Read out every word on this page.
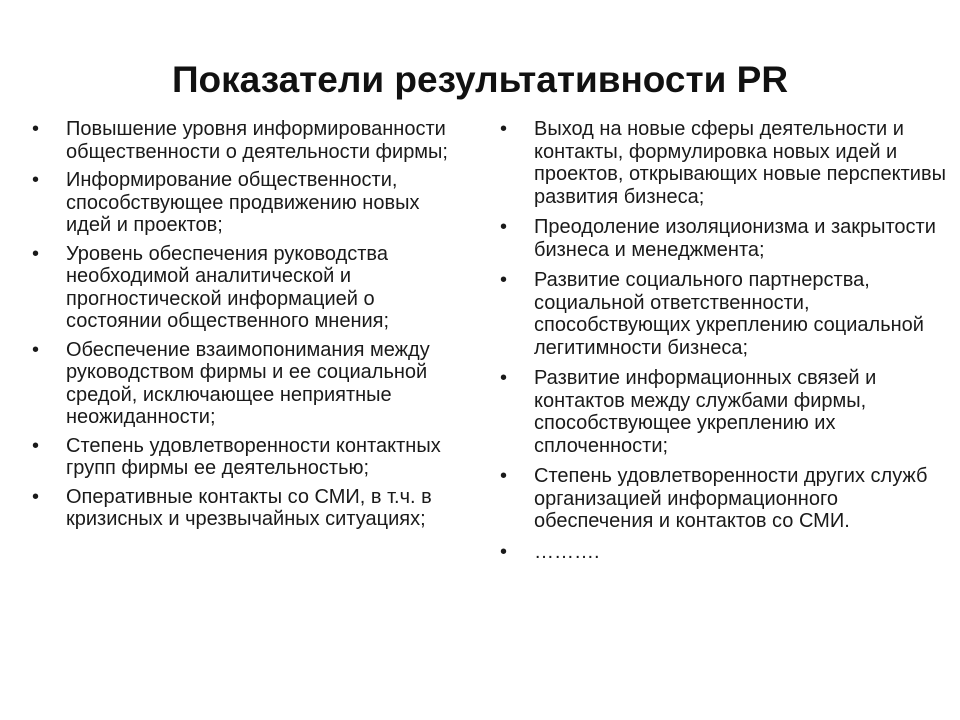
Показатели результативности PR
• Повышение уровня информированности общественности о деятельности фирмы;
• Информирование общественности, способствующее продвижению новых идей и проектов;
• Уровень обеспечения руководства необходимой аналитической и прогностической информацией о состоянии общественного мнения;
• Обеспечение взаимопонимания между руководством фирмы и ее социальной средой, исключающее неприятные неожиданности;
• Степень удовлетворенности контактных групп фирмы ее деятельностью;
• Оперативные контакты со СМИ, в т.ч. в кризисных и чрезвычайных ситуациях;
• Выход на новые сферы деятельности и контакты, формулировка новых идей и проектов, открывающих новые перспективы развития бизнеса;
• Преодоление изоляционизма и закрытости бизнеса и менеджмента;
• Развитие социального партнерства, социальной ответственности, способствующих укреплению социальной легитимности бизнеса;
• Развитие информационных связей и контактов между службами фирмы, способствующее укреплению их сплоченности;
• Степень удовлетворенности других служб организацией информационного обеспечения и контактов со СМИ.
• ……….
